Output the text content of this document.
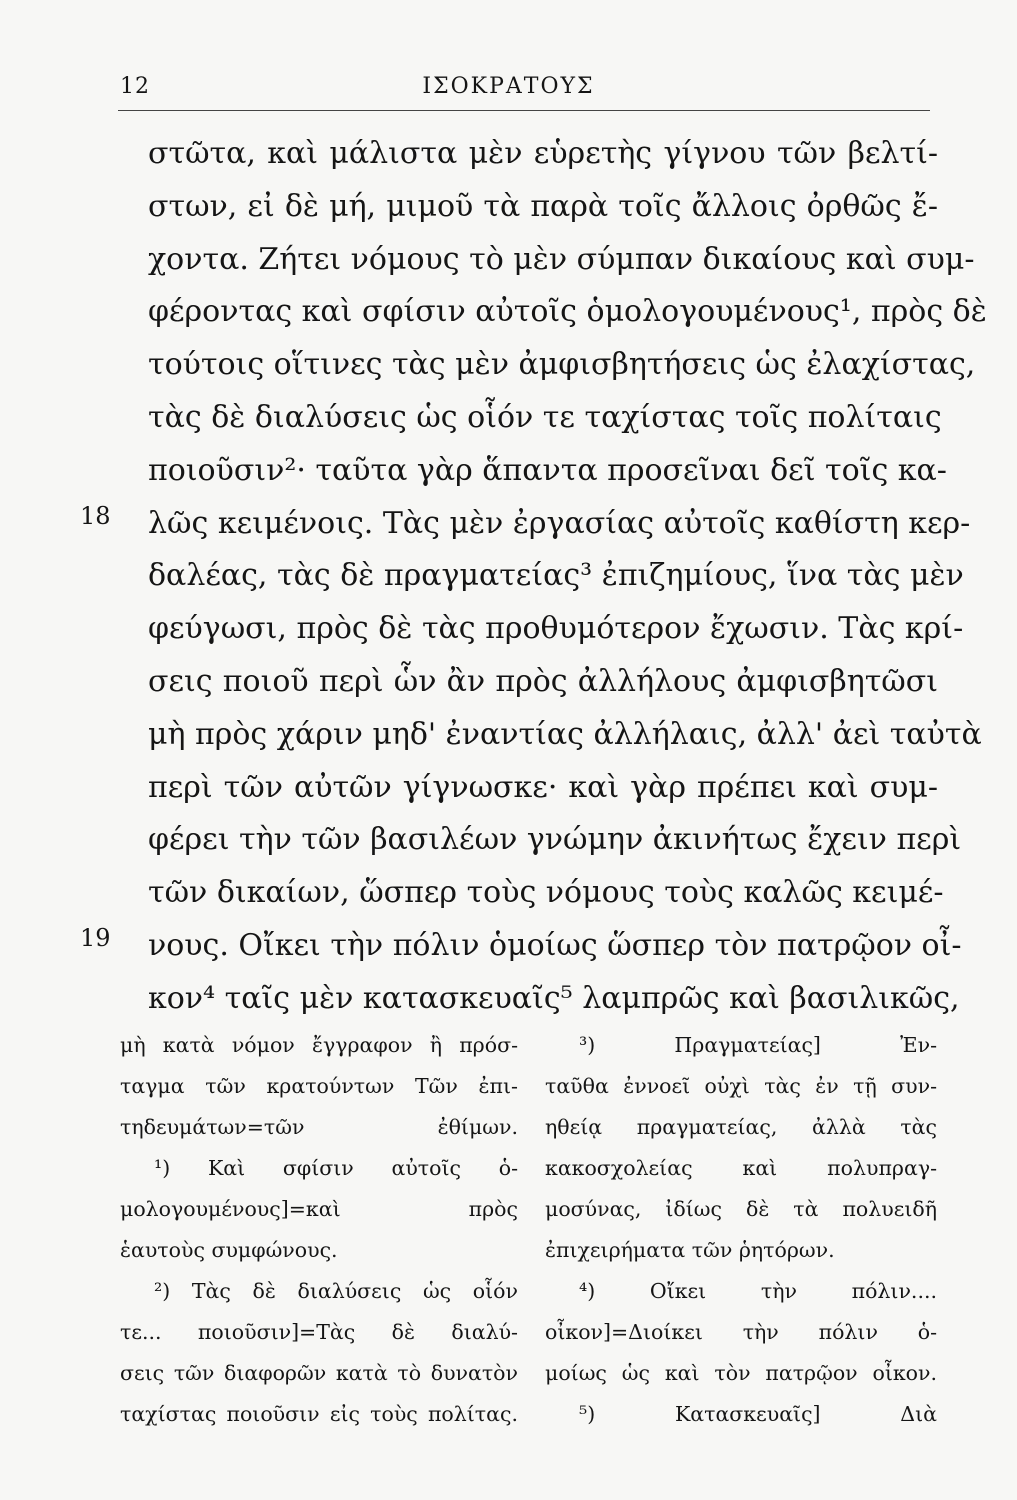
12	ΙΣΟΚΡΑΤΟΥΣ
18
19
στῶτα, καὶ μάλιστα μὲν εὑρετὴς γίγνου τῶν βελτί-
στων, εἰ δὲ μή, μιμοῦ τὰ παρὰ τοῖς ἄλλοις ὀρθῶς ἔ-
χοντα. Ζήτει νόμους τὸ μὲν σύμπαν δικαίους καὶ συμ-
φέροντας καὶ σφίσιν αὐτοῖς ὁμολογουμένους¹, πρὸς δὲ
τούτοις οἵτινες τὰς μὲν ἀμφισβητήσεις ὡς ἐλαχίστας,
τὰς δὲ διαλύσεις ὡς οἷόν τε ταχίστας τοῖς πολίταις
ποιοῦσιν²· ταῦτα γὰρ ἅπαντα προσεῖναι δεῖ τοῖς κα-
λῶς κειμένοις. Τὰς μὲν ἐργασίας αὐτοῖς καθίστη κερ-
δαλέας, τὰς δὲ πραγματείας³ ἐπιζημίους, ἵνα τὰς μὲν
φεύγωσι, πρὸς δὲ τὰς προθυμότερον ἔχωσιν. Τὰς κρί-
σεις ποιοῦ περὶ ὧν ἂν πρὸς ἀλλήλους ἀμφισβητῶσι
μὴ πρὸς χάριν μηδ' ἐναντίας ἀλλήλαις, ἀλλ' ἀεὶ ταὐτὰ
περὶ τῶν αὐτῶν γίγνωσκε· καὶ γὰρ πρέπει καὶ συμ-
φέρει τὴν τῶν βασιλέων γνώμην ἀκινήτως ἔχειν περὶ
τῶν δικαίων, ὥσπερ τοὺς νόμους τοὺς καλῶς κειμέ-
νους. Οἴκει τὴν πόλιν ὁμοίως ὥσπερ τὸν πατρῷον οἶ-
κον⁴ ταῖς μὲν κατασκευαῖς⁵ λαμπρῶς καὶ βασιλικῶς,
μὴ κατὰ νόμον ἔγγραφον ἢ πρόσ-
ταγμα τῶν κρατούντων Τῶν ἐπι-
τηδευμάτων=τῶν ἐθίμων.
¹) Καὶ σφίσιν αὐτοῖς ὁ-
μολογουμένους]=καὶ πρὸς
ἑαυτοὺς συμφώνους.
²) Τὰς δὲ διαλύσεις ὡς οἷόν
τε... ποιοῦσιν]=Τὰς δὲ διαλύ-
σεις τῶν διαφορῶν κατὰ τὸ δυνατὸν
ταχίστας ποιοῦσιν εἰς τοὺς πολίτας.
³) Πραγματείας] Ἐν-
ταῦθα ἐννοεῖ οὐχὶ τὰς ἐν τῇ συν-
ηθείᾳ πραγματείας, ἀλλὰ τὰς
κακοσχολείας καὶ πολυπραγ-
μοσύνας, ἰδίως δὲ τὰ πολυειδῆ
ἐπιχειρήματα τῶν ῥητόρων.
⁴) Οἴκει τὴν πόλιν....
οἶκον]=Διοίκει τὴν πόλιν ὁ-
μοίως ὡς καὶ τὸν πατρῷον οἶκον.
⁵) Κατασκευαῖς] Διὰ
